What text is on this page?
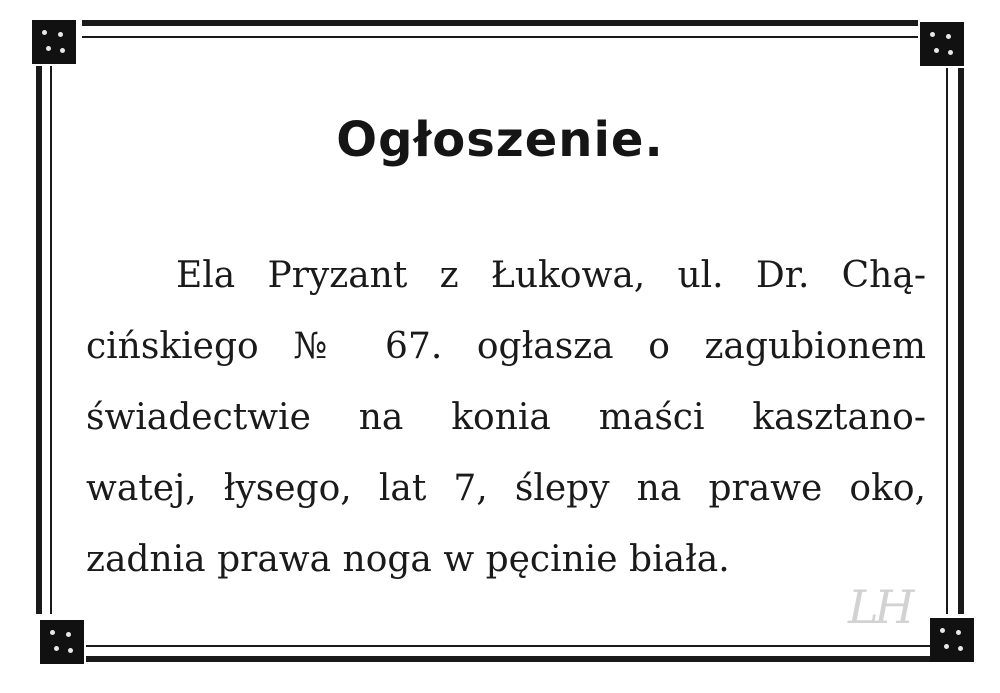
Ogłoszenie.
Ela Pryzant z Łukowa, ul. Dr. Chą-
cińskiego № 67. ogłasza o zagubionem
świadectwie na konia maści kasztano-
watej, łysego, lat 7, ślepy na prawe oko,
zadnia prawa noga w pęcinie biała.
LH
